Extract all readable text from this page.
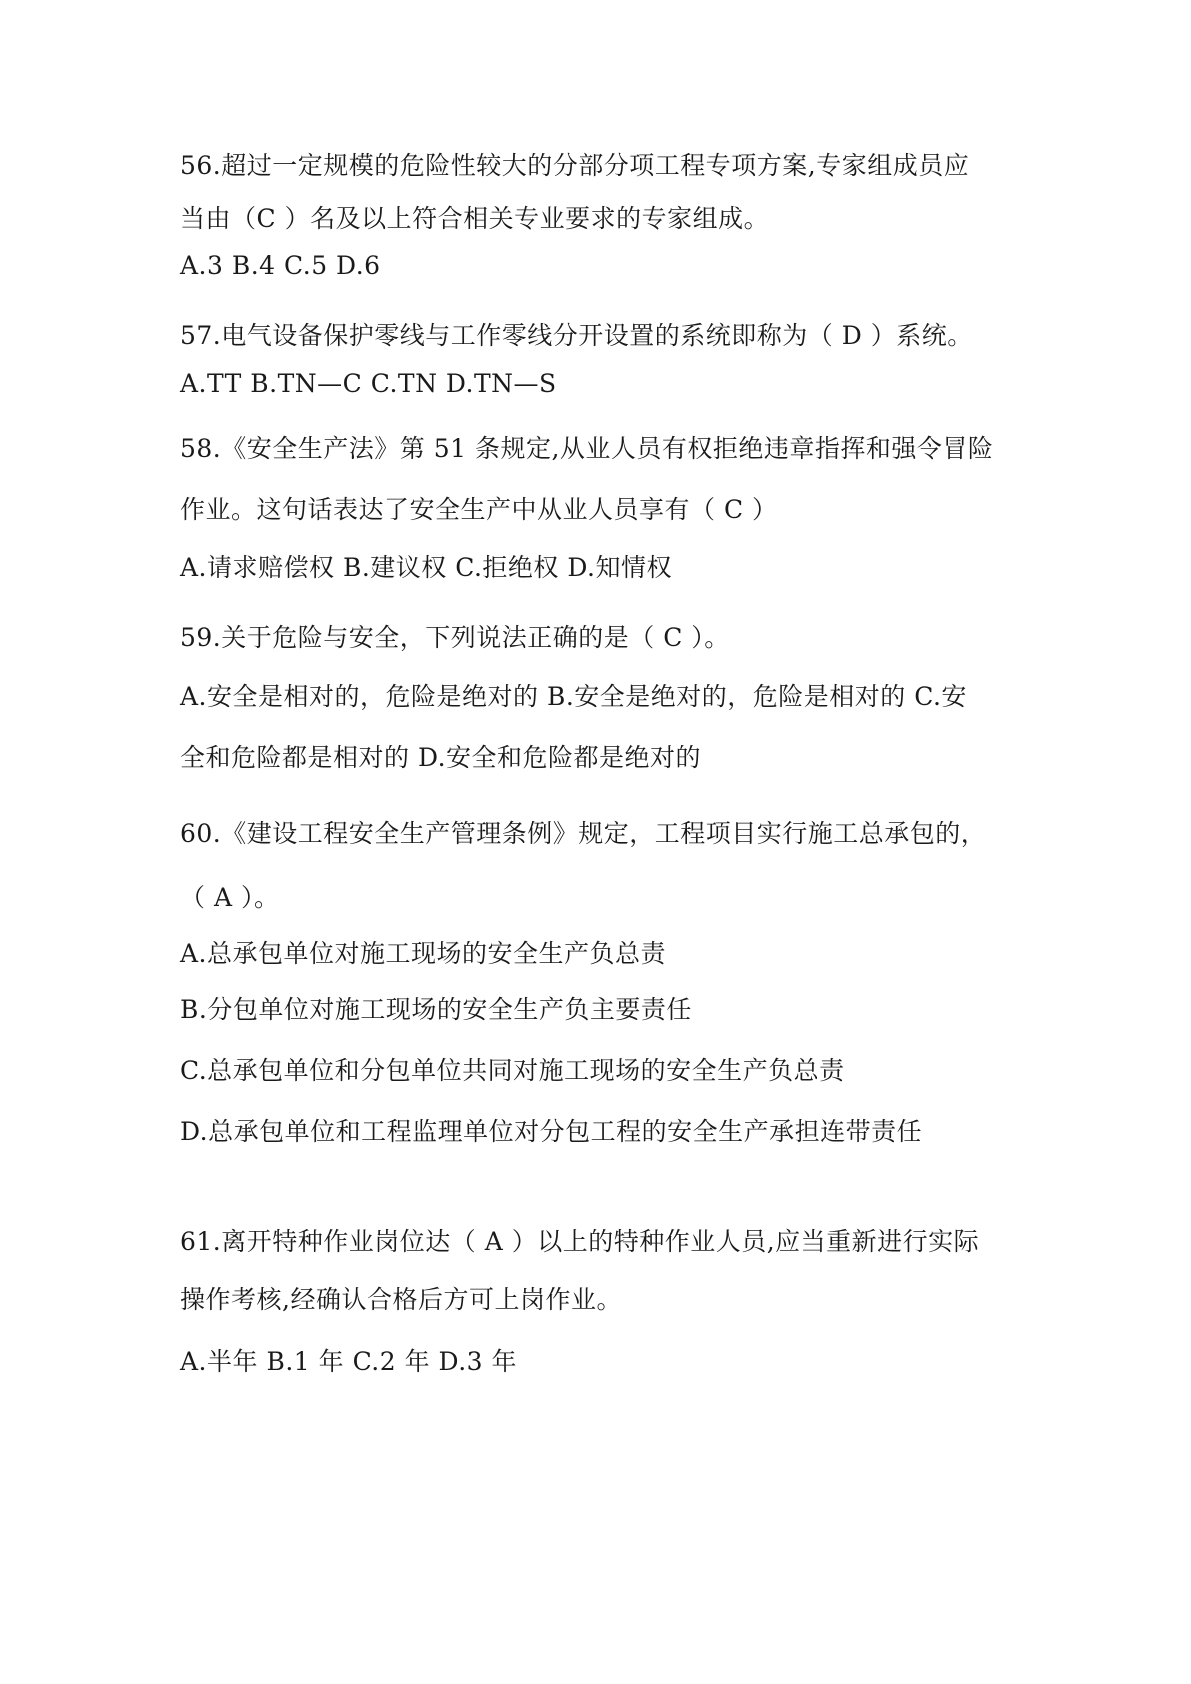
56.超过一定规模的危险性较大的分部分项工程专项方案,专家组成员应
当由（C ）名及以上符合相关专业要求的专家组成。
A.3 B.4 C.5 D.6
57.电气设备保护零线与工作零线分开设置的系统即称为（ D ）系统。
A.TT B.TN—C C.TN D.TN—S
58.《安全生产法》第 51 条规定,从业人员有权拒绝违章指挥和强令冒险
作业。这句话表达了安全生产中从业人员享有（ C ）
A.请求赔偿权 B.建议权 C.拒绝权 D.知情权
59.关于危险与安全，下列说法正确的是（ C ）。
A.安全是相对的，危险是绝对的 B.安全是绝对的，危险是相对的 C.安
全和危险都是相对的 D.安全和危险都是绝对的
60.《建设工程安全生产管理条例》规定，工程项目实行施工总承包的，
（ A ）。
A.总承包单位对施工现场的安全生产负总责
B.分包单位对施工现场的安全生产负主要责任
C.总承包单位和分包单位共同对施工现场的安全生产负总责
D.总承包单位和工程监理单位对分包工程的安全生产承担连带责任
61.离开特种作业岗位达（ A ）以上的特种作业人员,应当重新进行实际
操作考核,经确认合格后方可上岗作业。
A.半年 B.1 年 C.2 年 D.3 年
